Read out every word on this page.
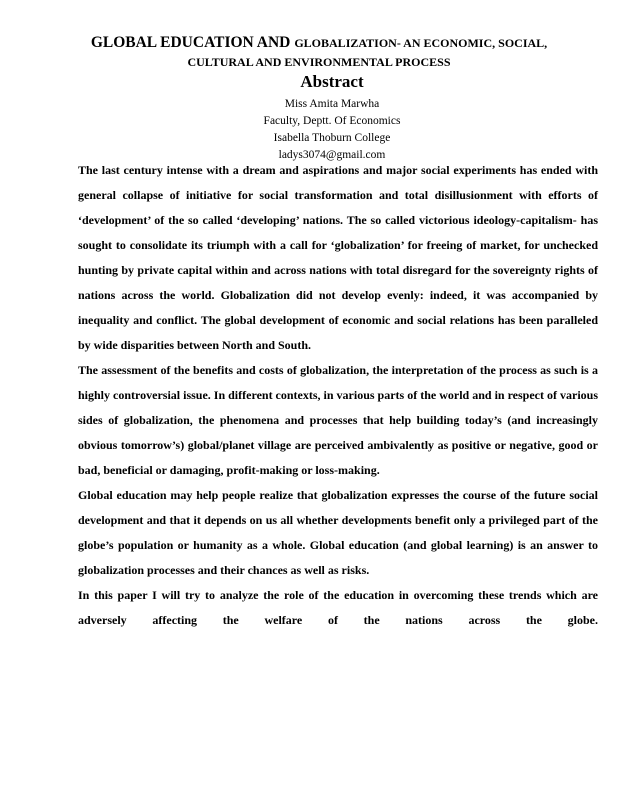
GLOBAL EDUCATION AND GLOBALIZATION- AN ECONOMIC, SOCIAL,
CULTURAL AND ENVIRONMENTAL PROCESS
Abstract
Miss Amita Marwha
Faculty, Deptt. Of Economics
Isabella Thoburn College
ladys3074@gmail.com

The last century intense with a dream and aspirations and major social experiments has ended with general collapse of initiative for social transformation and total disillusionment with efforts of ‘development’ of the so called ‘developing’ nations. The so called victorious ideology-capitalism- has sought to consolidate its triumph with a call for ‘globalization’ for freeing of market, for unchecked hunting by private capital within and across nations with total disregard for the sovereignty rights of nations across the world. Globalization did not develop evenly: indeed, it was accompanied by inequality and conflict. The global development of economic and social relations has been paralleled by wide disparities between North and South.

The assessment of the benefits and costs of globalization, the interpretation of the process as such is a highly controversial issue. In different contexts, in various parts of the world and in respect of various sides of globalization, the phenomena and processes that help building today’s (and increasingly obvious tomorrow’s) global/planet village are perceived ambivalently as positive or negative, good or bad, beneficial or damaging, profit-making or loss-making.

Global education may help people realize that globalization expresses the course of the future social development and that it depends on us all whether developments benefit only a privileged part of the globe’s population or humanity as a whole. Global education (and global learning) is an answer to globalization processes and their chances as well as risks.

In this paper I will try to analyze the role of the education in overcoming these trends which are adversely affecting the welfare of the nations across the globe.
